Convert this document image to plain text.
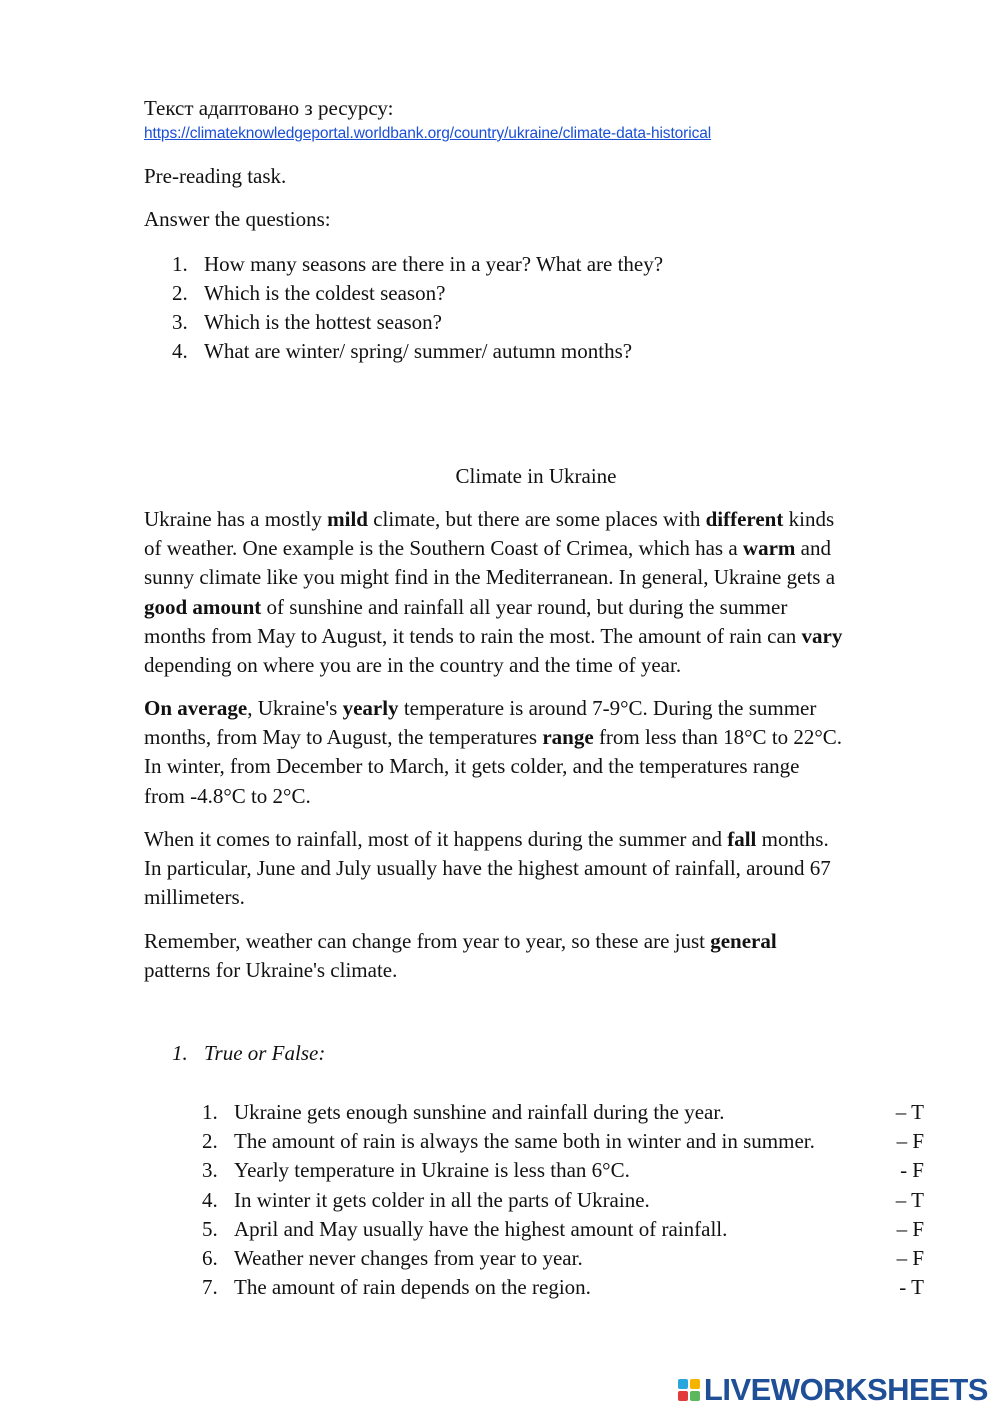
Текст адаптовано з ресурсу:

https://climateknowledgeportal.worldbank.org/country/ukraine/climate-data-historical

Pre-reading task.

Answer the questions:

1. How many seasons are there in a year? What are they?
2. Which is the coldest season?
3. Which is the hottest season?
4. What are winter/ spring/ summer/ autumn months?

Climate in Ukraine

Ukraine has a mostly mild climate, but there are some places with different kinds
of weather. One example is the Southern Coast of Crimea, which has a warm and
sunny climate like you might find in the Mediterranean. In general, Ukraine gets a
good amount of sunshine and rainfall all year round, but during the summer
months from May to August, it tends to rain the most. The amount of rain can vary
depending on where you are in the country and the time of year.

On average, Ukraine's yearly temperature is around 7-9°C. During the summer
months, from May to August, the temperatures range from less than 18°C to 22°C.
In winter, from December to March, it gets colder, and the temperatures range
from -4.8°C to 2°C.

When it comes to rainfall, most of it happens during the summer and fall months.
In particular, June and July usually have the highest amount of rainfall, around 67
millimeters.

Remember, weather can change from year to year, so these are just general
patterns for Ukraine's climate.

1. True or False:
1. Ukraine gets enough sunshine and rainfall during the year.	– T
2. The amount of rain is always the same both in winter and in summer.	– F
3. Yearly temperature in Ukraine is less than 6°C.	- F
4. In winter it gets colder in all the parts of Ukraine.	– T
5. April and May usually have the highest amount of rainfall.	– F
6. Weather never changes from year to year.	– F
7. The amount of rain depends on the region.	- T
LIVEWORKSHEETS
